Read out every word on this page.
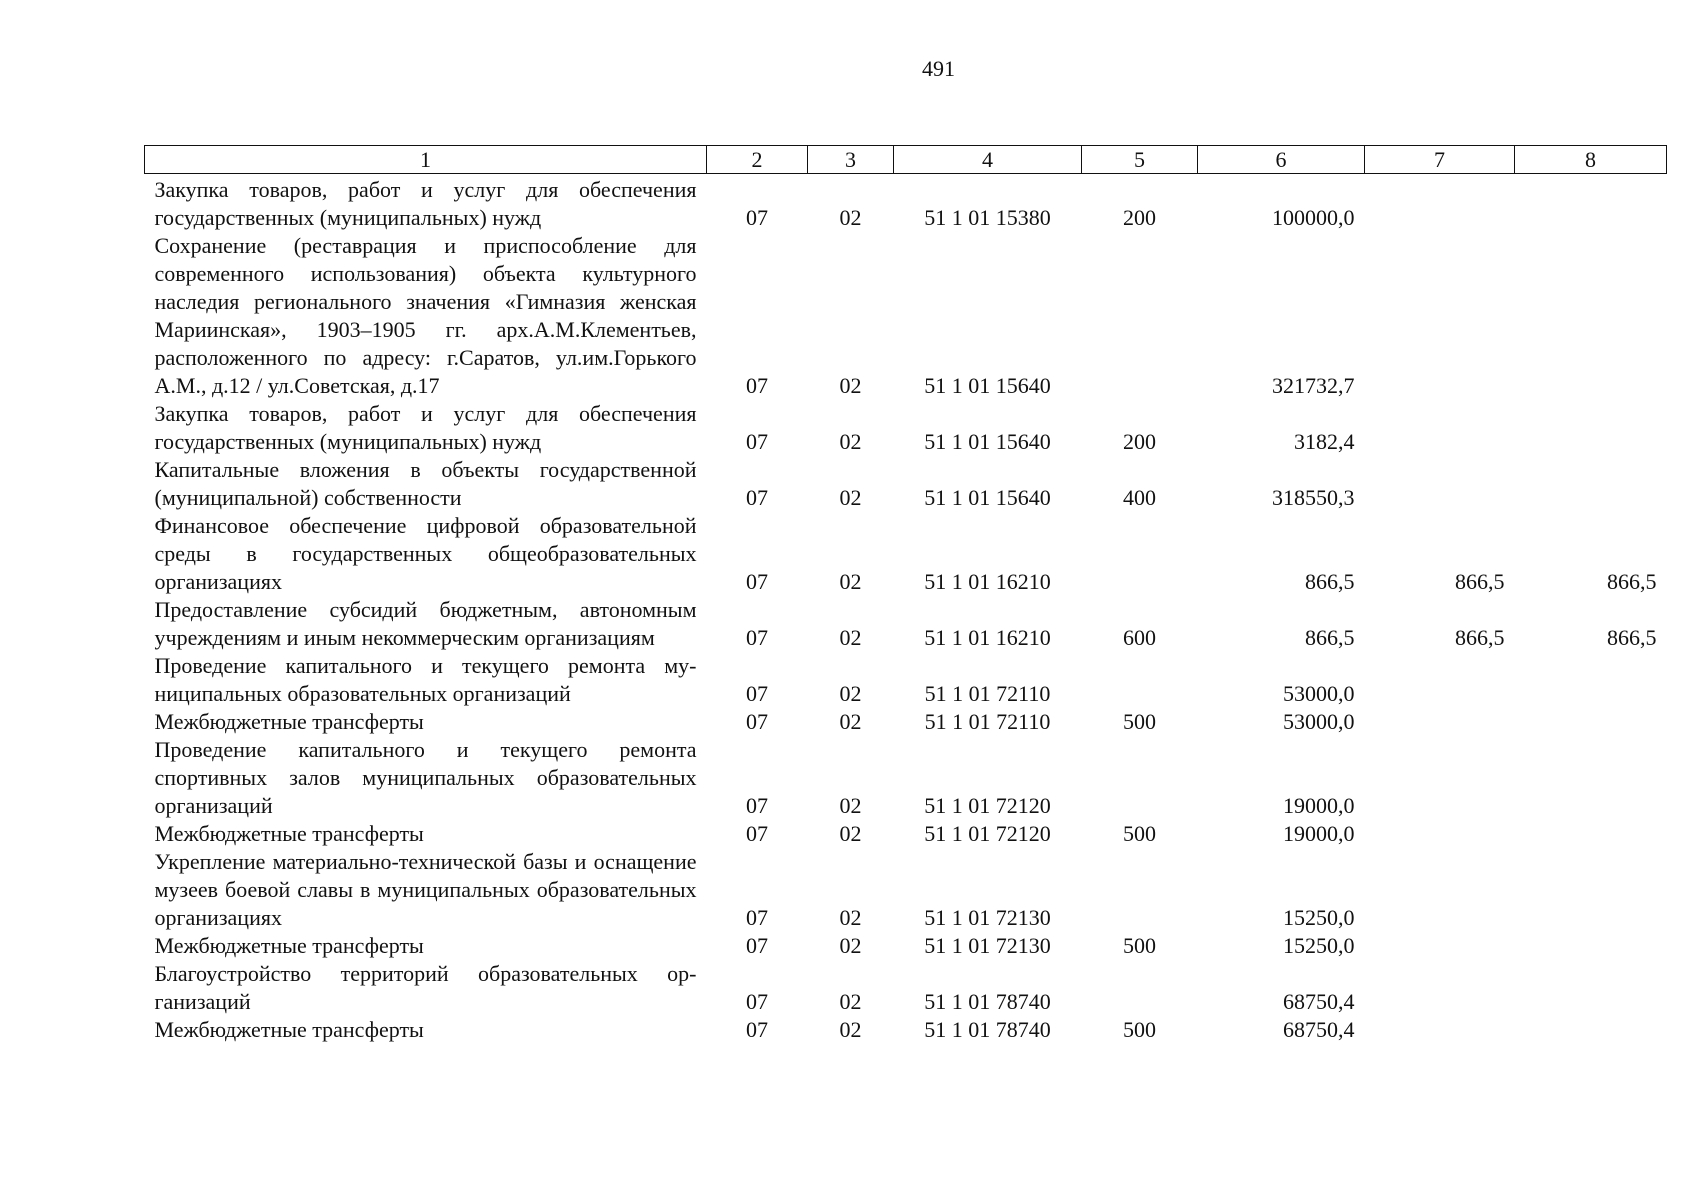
491
1	2	3	4	5	6	7	8
Закупка товаров, работ и услуг для обеспечения государственных (муниципальных) нужд	07	02	51 1 01 15380	200	100000,0		
Сохранение (реставрация и приспособление для современного использования) объекта культурного наследия регионального значения «Гимназия женская Мариинская», 1903–1905 гг. арх.А.М.Клементьев, расположенного по адресу: г.Саратов, ул.им.Горького А.М., д.12 / ул.Советская, д.17	07	02	51 1 01 15640		321732,7		
Закупка товаров, работ и услуг для обеспечения государственных (муниципальных) нужд	07	02	51 1 01 15640	200	3182,4		
Капитальные вложения в объекты государственной (муниципальной) собственности	07	02	51 1 01 15640	400	318550,3		
Финансовое обеспечение цифровой образовательной среды в государственных общеобразовательных организациях	07	02	51 1 01 16210		866,5	866,5	866,5
Предоставление субсидий бюджетным, автономным учреждениям и иным некоммерческим организациям	07	02	51 1 01 16210	600	866,5	866,5	866,5
Проведение капитального и текущего ремонта муниципальных образовательных организаций	07	02	51 1 01 72110		53000,0		
Межбюджетные трансферты	07	02	51 1 01 72110	500	53000,0		
Проведение капитального и текущего ремонта спортивных залов муниципальных образовательных организаций	07	02	51 1 01 72120		19000,0		
Межбюджетные трансферты	07	02	51 1 01 72120	500	19000,0		
Укрепление материально-технической базы и оснащение музеев боевой славы в муниципальных образовательных организациях	07	02	51 1 01 72130		15250,0		
Межбюджетные трансферты	07	02	51 1 01 72130	500	15250,0		
Благоустройство территорий образовательных организаций	07	02	51 1 01 78740		68750,4		
Межбюджетные трансферты	07	02	51 1 01 78740	500	68750,4		
